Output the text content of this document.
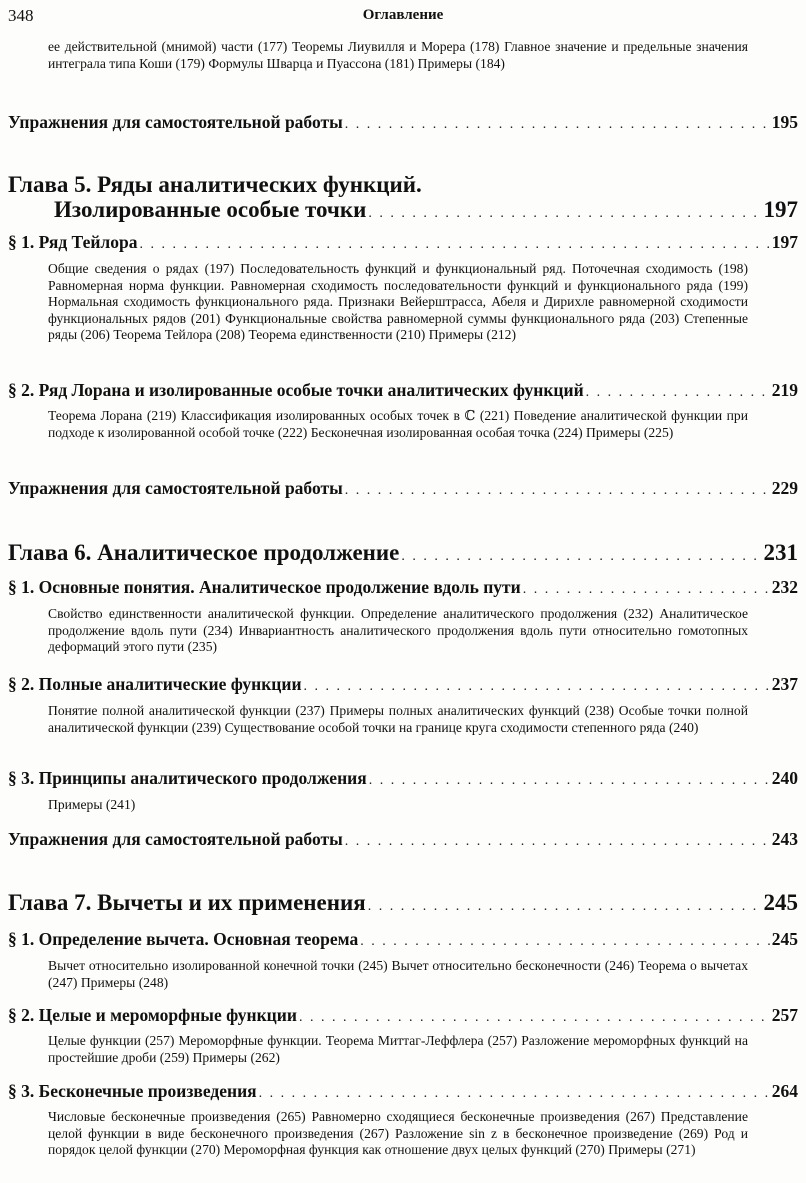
348	Оглавление
ее действительной (мнимой) части (177) Теоремы Лиувилля и Морера (178) Главное значение и предельные значения интеграла типа Коши (179) Формулы Шварца и Пуассона (181) Примеры (184)
Упражнения для самостоятельной работы . . .	195
Глава 5. Ряды аналитических функций.
Изолированные особые точки . . .	197
§ 1. Ряд Тейлора . . .	197
Общие сведения о рядах (197) Последовательность функций и функциональный ряд. Поточечная сходимость (198) Равномерная норма функции. Равномерная сходимость последовательности функций и функционального ряда (199) Нормальная сходимость функционального ряда. Признаки Вейерштрасса, Абеля и Дирихле равномерной сходимости функциональных рядов (201) Функциональные свойства равномерной суммы функционального ряда (203) Степенные ряды (206) Теорема Тейлора (208) Теорема единственности (210) Примеры (212)
§ 2. Ряд Лорана и изолированные особые точки аналитических функций . . .	219
Теорема Лорана (219) Классификация изолированных особых точек в ℂ (221) Поведение аналитической функции при подходе к изолированной особой точке (222) Бесконечная изолированная особая точка (224) Примеры (225)
Упражнения для самостоятельной работы . . .	229
Глава 6. Аналитическое продолжение . . .	231
§ 1. Основные понятия. Аналитическое продолжение вдоль пути . . .	232
Свойство единственности аналитической функции. Определение аналитического продолжения (232) Аналитическое продолжение вдоль пути (234) Инвариантность аналитического продолжения вдоль пути относительно гомотопных деформаций этого пути (235)
§ 2. Полные аналитические функции . . .	237
Понятие полной аналитической функции (237) Примеры полных аналитических функций (238) Особые точки полной аналитической функции (239) Существование особой точки на границе круга сходимости степенного ряда (240)
§ 3. Принципы аналитического продолжения . . .	240
Примеры (241)
Упражнения для самостоятельной работы . . .	243
Глава 7. Вычеты и их применения . . .	245
§ 1. Определение вычета. Основная теорема . . .	245
Вычет относительно изолированной конечной точки (245) Вычет относительно бесконечности (246) Теорема о вычетах (247) Примеры (248)
§ 2. Целые и мероморфные функции . . .	257
Целые функции (257) Мероморфные функции. Теорема Миттаг-Леффлера (257) Разложение мероморфных функций на простейшие дроби (259) Примеры (262)
§ 3. Бесконечные произведения . . .	264
Числовые бесконечные произведения (265) Равномерно сходящиеся бесконечные произведения (267) Представление целой функции в виде бесконечного произведения (267) Разложение sin z в бесконечное произведение (269) Род и порядок целой функции (270) Мероморфная функция как отношение двух целых функций (270) Примеры (271)
